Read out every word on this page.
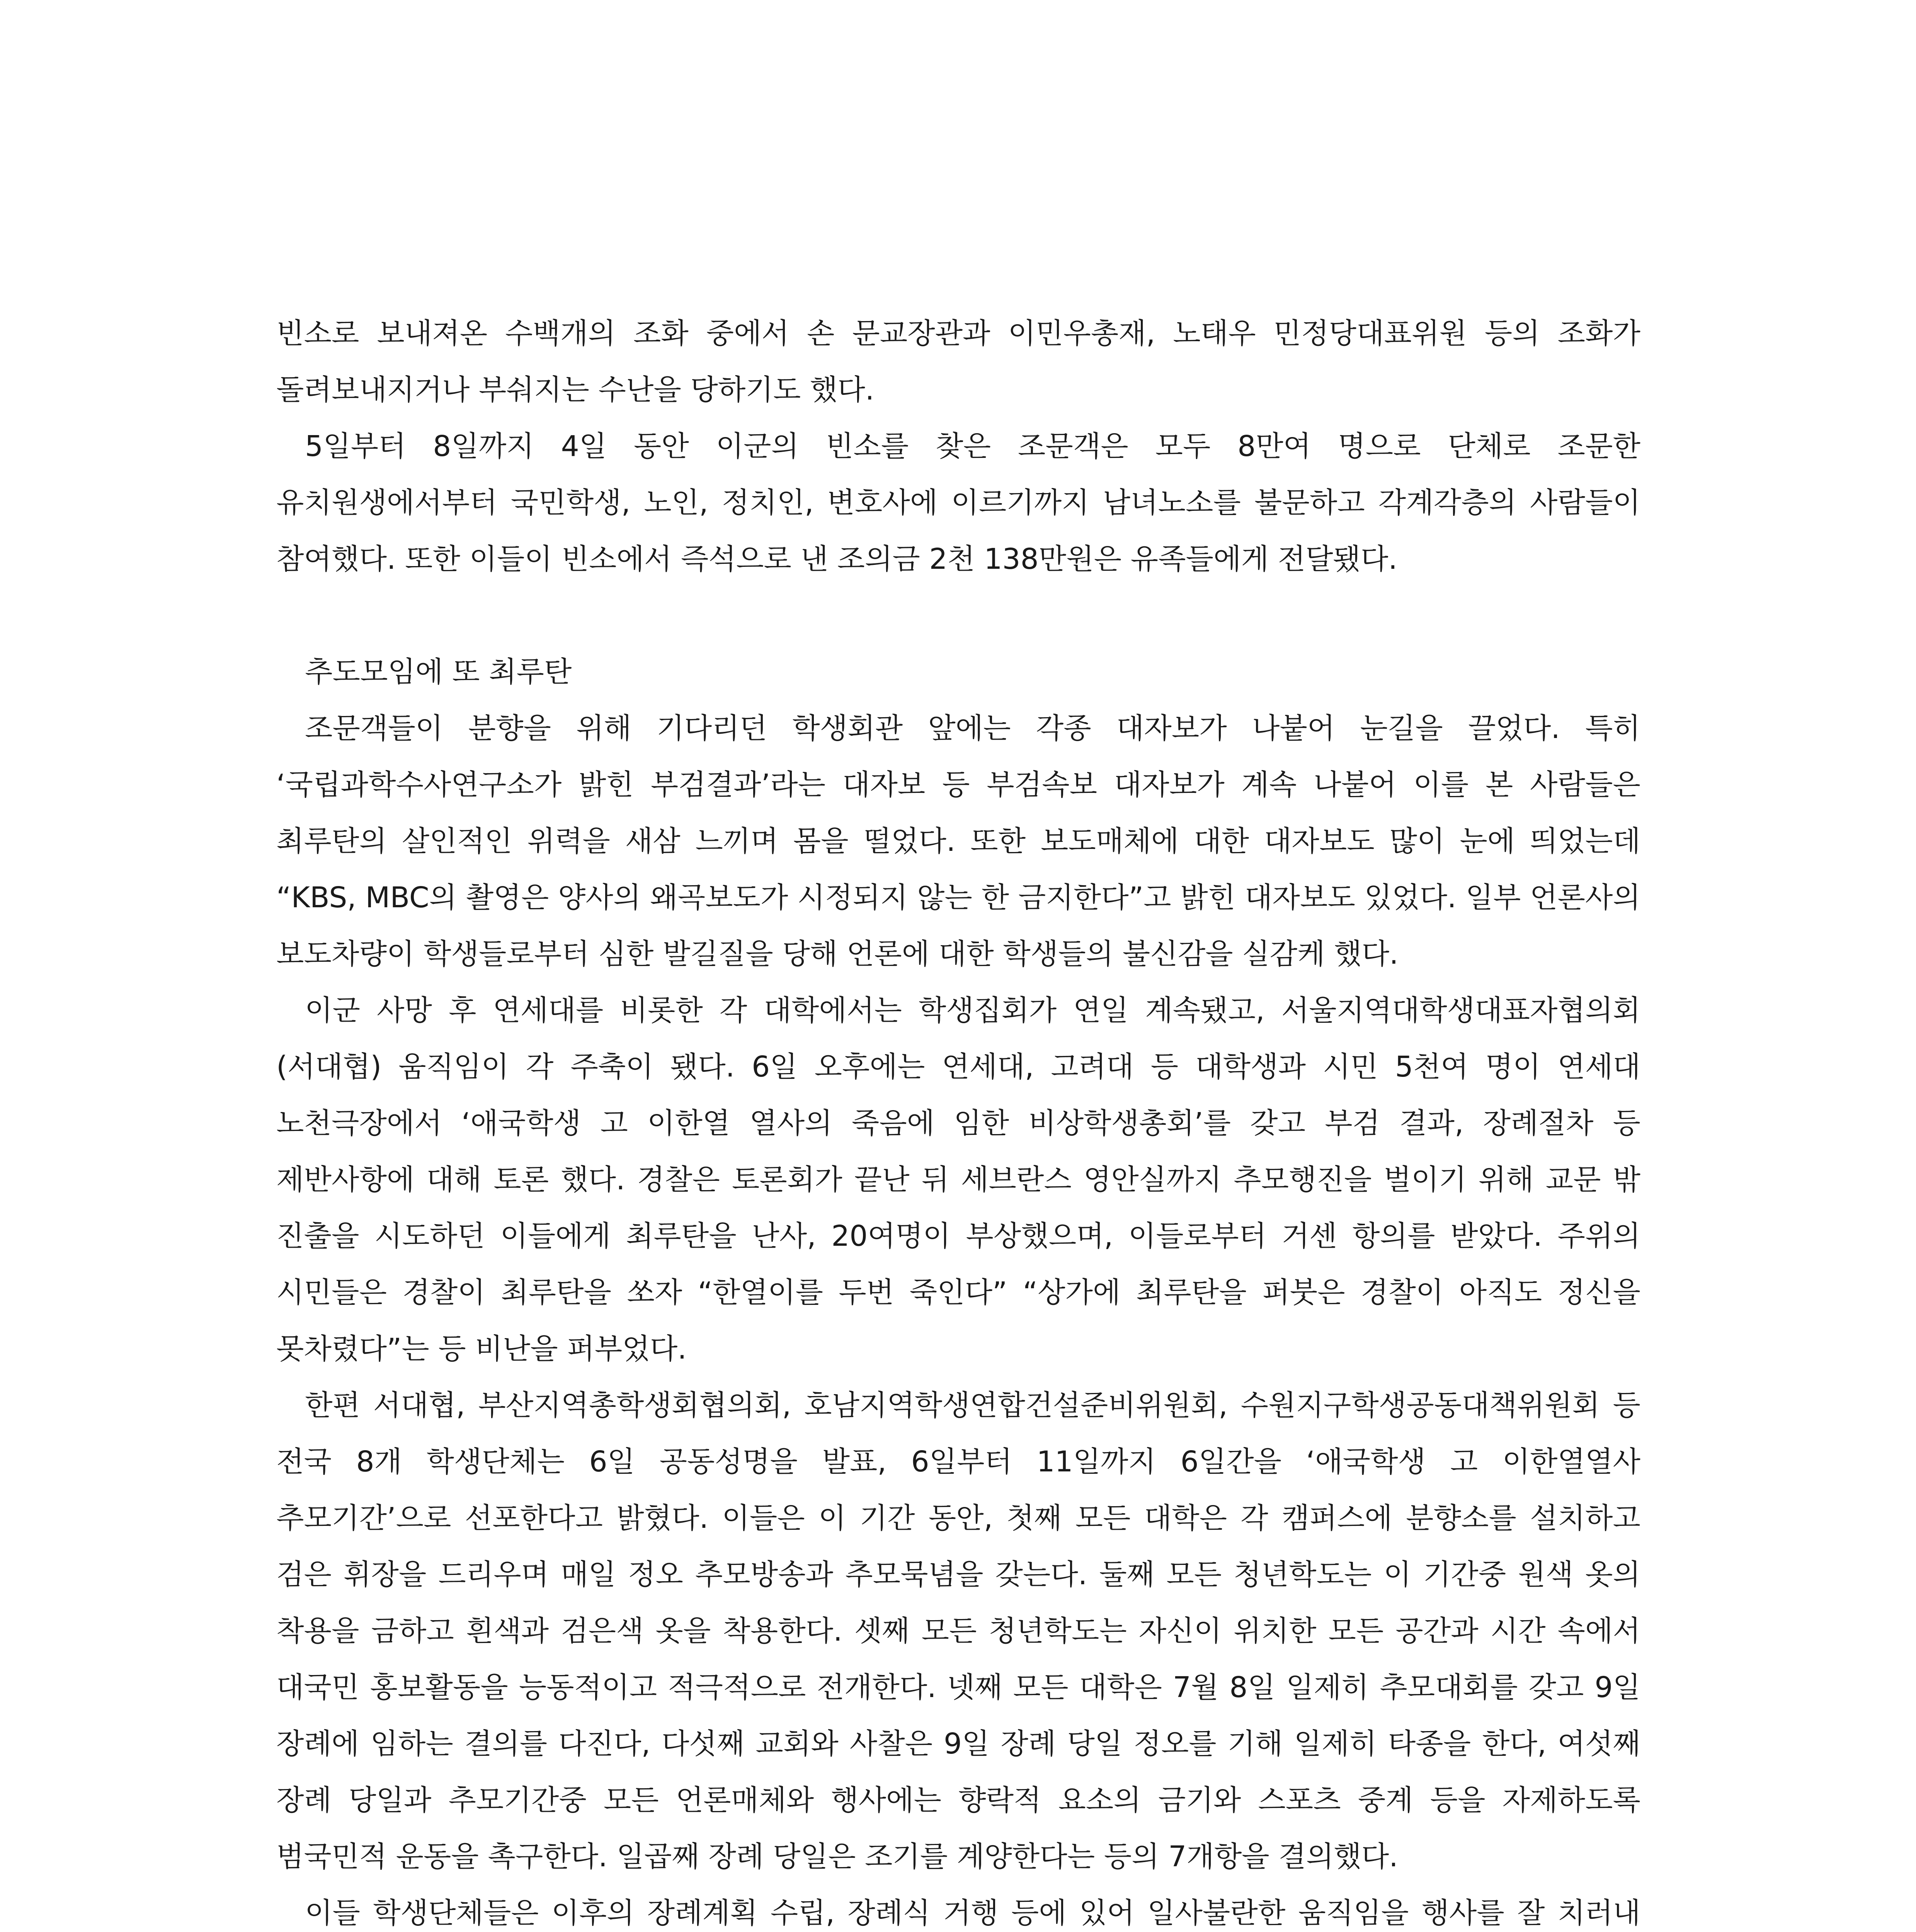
빈소로 보내져온 수백개의 조화 중에서 손 문교장관과 이민우총재, 노태우 민정당대표위원 등의 조화가 돌려보내지거나 부숴지는 수난을 당하기도 했다.

5일부터 8일까지 4일 동안 이군의 빈소를 찾은 조문객은 모두 8만여 명으로 단체로 조문한 유치원생에서부터 국민학생, 노인, 정치인, 변호사에 이르기까지 남녀노소를 불문하고 각계각층의 사람들이 참여했다. 또한 이들이 빈소에서 즉석으로 낸 조의금 2천 138만원은 유족들에게 전달됐다.

추도모임에 또 최루탄

조문객들이 분향을 위해 기다리던 학생회관 앞에는 각종 대자보가 나붙어 눈길을 끌었다. 특히 ‘국립과학수사연구소가 밝힌 부검결과’라는 대자보 등 부검속보 대자보가 계속 나붙어 이를 본 사람들은 최루탄의 살인적인 위력을 새삼 느끼며 몸을 떨었다. 또한 보도매체에 대한 대자보도 많이 눈에 띄었는데 “KBS, MBC의 촬영은 양사의 왜곡보도가 시정되지 않는 한 금지한다”고 밝힌 대자보도 있었다. 일부 언론사의 보도차량이 학생들로부터 심한 발길질을 당해 언론에 대한 학생들의 불신감을 실감케 했다.

이군 사망 후 연세대를 비롯한 각 대학에서는 학생집회가 연일 계속됐고, 서울지역대학생대표자협의회(서대협) 움직임이 각 주축이 됐다. 6일 오후에는 연세대, 고려대 등 대학생과 시민 5천여 명이 연세대 노천극장에서 ‘애국학생 고 이한열 열사의 죽음에 임한 비상학생총회’를 갖고 부검 결과, 장례절차 등 제반사항에 대해 토론 했다. 경찰은 토론회가 끝난 뒤 세브란스 영안실까지 추모행진을 벌이기 위해 교문 밖 진출을 시도하던 이들에게 최루탄을 난사, 20여명이 부상했으며, 이들로부터 거센 항의를 받았다. 주위의 시민들은 경찰이 최루탄을 쏘자 “한열이를 두번 죽인다” “상가에 최루탄을 퍼붓은 경찰이 아직도 정신을 못차렸다”는 등 비난을 퍼부었다.

한편 서대협, 부산지역총학생회협의회, 호남지역학생연합건설준비위원회, 수원지구학생공동대책위원회 등 전국 8개 학생단체는 6일 공동성명을 발표, 6일부터 11일까지 6일간을 ‘애국학생 고 이한열열사 추모기간’으로 선포한다고 밝혔다. 이들은 이 기간 동안, 첫째 모든 대학은 각 캠퍼스에 분향소를 설치하고 검은 휘장을 드리우며 매일 정오 추모방송과 추모묵념을 갖는다. 둘째 모든 청년학도는 이 기간중 원색 옷의 착용을 금하고 흰색과 검은색 옷을 착용한다. 셋째 모든 청년학도는 자신이 위치한 모든 공간과 시간 속에서 대국민 홍보활동을 능동적이고 적극적으로 전개한다. 넷째 모든 대학은 7월 8일 일제히 추모대회를 갖고 9일 장례에 임하는 결의를 다진다, 다섯째 교회와 사찰은 9일 장례 당일 정오를 기해 일제히 타종을 한다, 여섯째 장례 당일과 추모기간중 모든 언론매체와 행사에는 향락적 요소의 금기와 스포츠 중계 등을 자제하도록 범국민적 운동을 촉구한다. 일곱째 장례 당일은 조기를 계양한다는 등의 7개항을 결의했다.

이들 학생단체들은 이후의 장례계획 수립, 장례식 거행 등에 있어 일사불란한 움직임을 행사를 잘 치러내
